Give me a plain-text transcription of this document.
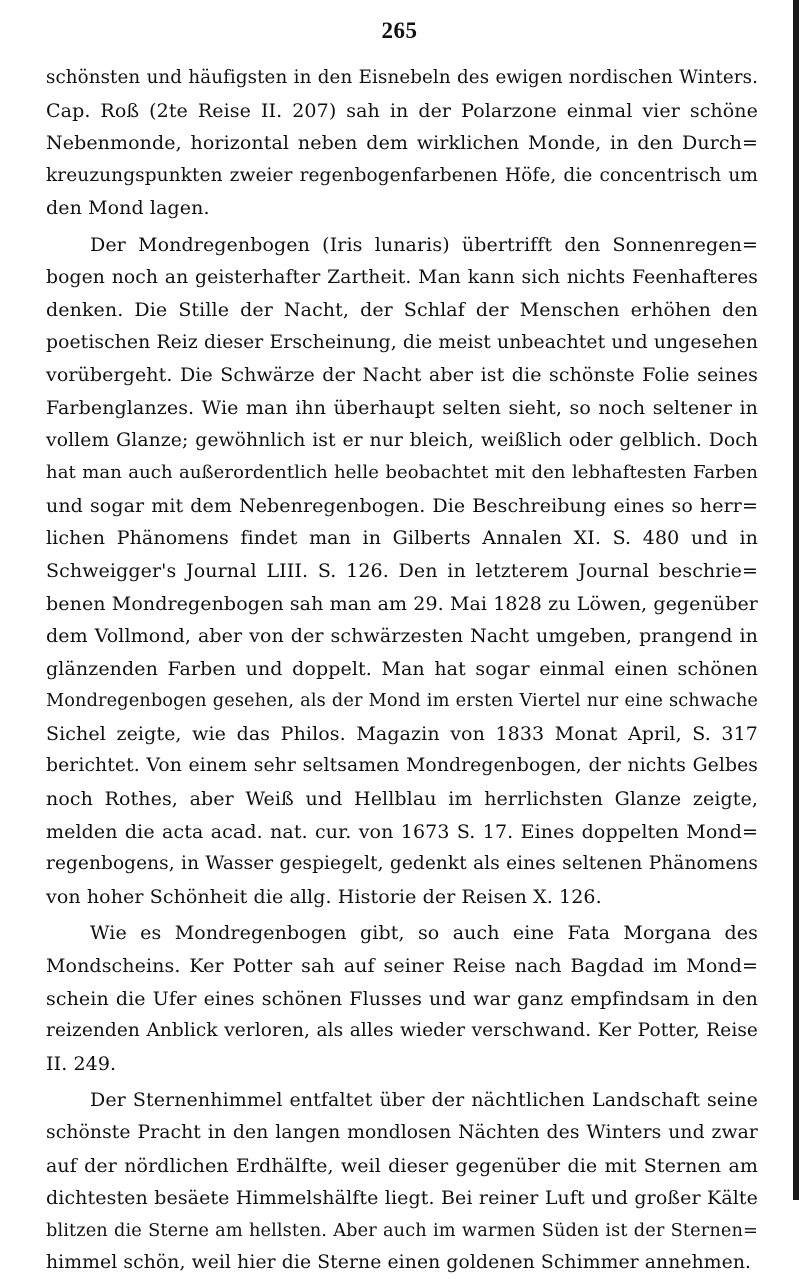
265
schönsten und häufigsten in den Eisnebeln des ewigen nordischen Winters.
Cap. Roß (2te Reise II. 207) sah in der Polarzone einmal vier schöne
Nebenmonde, horizontal neben dem wirklichen Monde, in den Durch=
kreuzungspunkten zweier regenbogenfarbenen Höfe, die concentrisch um
den Mond lagen.
Der Mondregenbogen (Iris lunaris) übertrifft den Sonnenregen=
bogen noch an geisterhafter Zartheit. Man kann sich nichts Feenhafteres
denken. Die Stille der Nacht, der Schlaf der Menschen erhöhen den
poetischen Reiz dieser Erscheinung, die meist unbeachtet und ungesehen
vorübergeht. Die Schwärze der Nacht aber ist die schönste Folie seines
Farbenglanzes. Wie man ihn überhaupt selten sieht, so noch seltener in
vollem Glanze; gewöhnlich ist er nur bleich, weißlich oder gelblich. Doch
hat man auch außerordentlich helle beobachtet mit den lebhaftesten Farben
und sogar mit dem Nebenregenbogen. Die Beschreibung eines so herr=
lichen Phänomens findet man in Gilberts Annalen XI. S. 480 und in
Schweigger's Journal LIII. S. 126. Den in letzterem Journal beschrie=
benen Mondregenbogen sah man am 29. Mai 1828 zu Löwen, gegenüber
dem Vollmond, aber von der schwärzesten Nacht umgeben, prangend in
glänzenden Farben und doppelt. Man hat sogar einmal einen schönen
Mondregenbogen gesehen, als der Mond im ersten Viertel nur eine schwache
Sichel zeigte, wie das Philos. Magazin von 1833 Monat April, S. 317
berichtet. Von einem sehr seltsamen Mondregenbogen, der nichts Gelbes
noch Rothes, aber Weiß und Hellblau im herrlichsten Glanze zeigte,
melden die acta acad. nat. cur. von 1673 S. 17. Eines doppelten Mond=
regenbogens, in Wasser gespiegelt, gedenkt als eines seltenen Phänomens
von hoher Schönheit die allg. Historie der Reisen X. 126.
Wie es Mondregenbogen gibt, so auch eine Fata Morgana des
Mondscheins. Ker Potter sah auf seiner Reise nach Bagdad im Mond=
schein die Ufer eines schönen Flusses und war ganz empfindsam in den
reizenden Anblick verloren, als alles wieder verschwand. Ker Potter, Reise
II. 249.
Der Sternenhimmel entfaltet über der nächtlichen Landschaft seine
schönste Pracht in den langen mondlosen Nächten des Winters und zwar
auf der nördlichen Erdhälfte, weil dieser gegenüber die mit Sternen am
dichtesten besäete Himmelshälfte liegt. Bei reiner Luft und großer Kälte
blitzen die Sterne am hellsten. Aber auch im warmen Süden ist der Sternen=
himmel schön, weil hier die Sterne einen goldenen Schimmer annehmen.
